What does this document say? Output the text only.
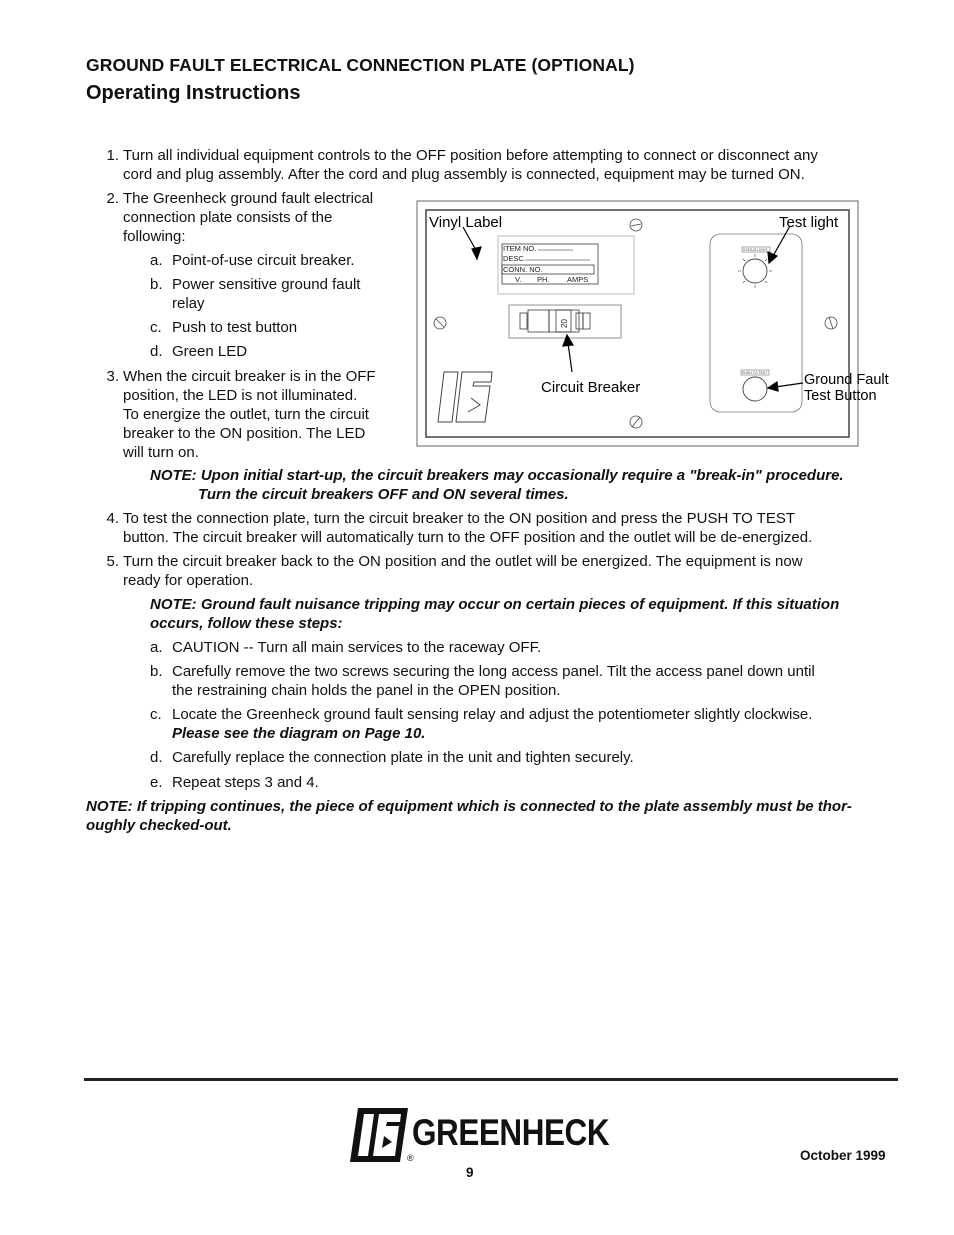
GROUND FAULT ELECTRICAL CONNECTION PLATE (OPTIONAL)
Operating Instructions
1. Turn all individual equipment controls to the OFF position before attempting to connect or disconnect any
cord and plug assembly. After the cord and plug assembly is connected, equipment may be turned ON.
2. The Greenheck ground fault electrical
connection plate consists of the
following:
a. Point-of-use circuit breaker.
b. Power sensitive ground fault
relay
c. Push to test button
d. Green LED
3. When the circuit breaker is in the OFF
position, the LED is not illuminated.
To energize the outlet, turn the circuit
breaker to the ON position. The LED
will turn on.
NOTE: Upon initial start-up, the circuit breakers may occasionally require a "break-in" procedure.
Turn the circuit breakers OFF and ON several times.
4. To test the connection plate, turn the circuit breaker to the ON position and press the PUSH TO TEST
button. The circuit breaker will automatically turn to the OFF position and the outlet will be de-energized.
5. Turn the circuit breaker back to the ON position and the outlet will be energized. The equipment is now
ready for operation.
NOTE: Ground fault nuisance tripping may occur on certain pieces of equipment. If this situation
occurs, follow these steps:
a. CAUTION -- Turn all main services to the raceway OFF.
b. Carefully remove the two screws securing the long access panel. Tilt the access panel down until
the restraining chain holds the panel in the OPEN position.
c. Locate the Greenheck ground fault sensing relay and adjust the potentiometer slightly clockwise.
Please see the diagram on Page 10.
d. Carefully replace the connection plate in the unit and tighten securely.
e. Repeat steps 3 and 4.
NOTE: If tripping continues, the piece of equipment which is connected to the plate assembly must be thor-
oughly checked-out.
ITEM NO.
DESC.
CONN. NO.
V. PH. AMPS
20
STATUS LIGHT
PUSH TO TEST
Vinyl Label	Test light
Circuit Breaker	Ground Fault
Test Button
GREENHECK
®
9
October 1999
